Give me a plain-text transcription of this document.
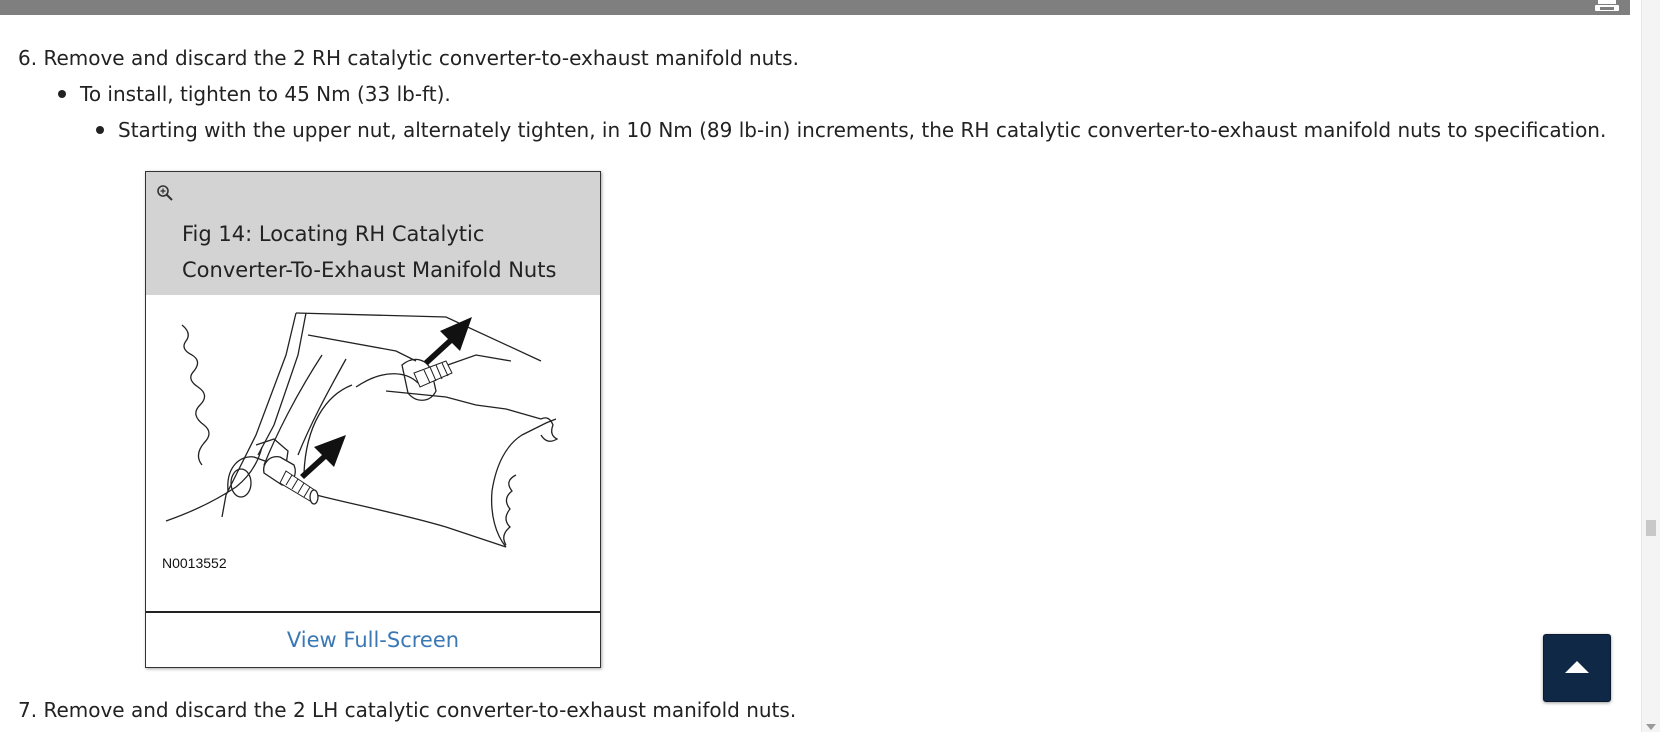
6. Remove and discard the 2 RH catalytic converter-to-exhaust manifold nuts.
To install, tighten to 45 Nm (33 lb-ft).
Starting with the upper nut, alternately tighten, in 10 Nm (89 lb-in) increments, the RH catalytic converter-to-exhaust manifold nuts to specification.
Fig 14: Locating RH Catalytic Converter-To-Exhaust Manifold Nuts
N0013552
View Full-Screen
7. Remove and discard the 2 LH catalytic converter-to-exhaust manifold nuts.
